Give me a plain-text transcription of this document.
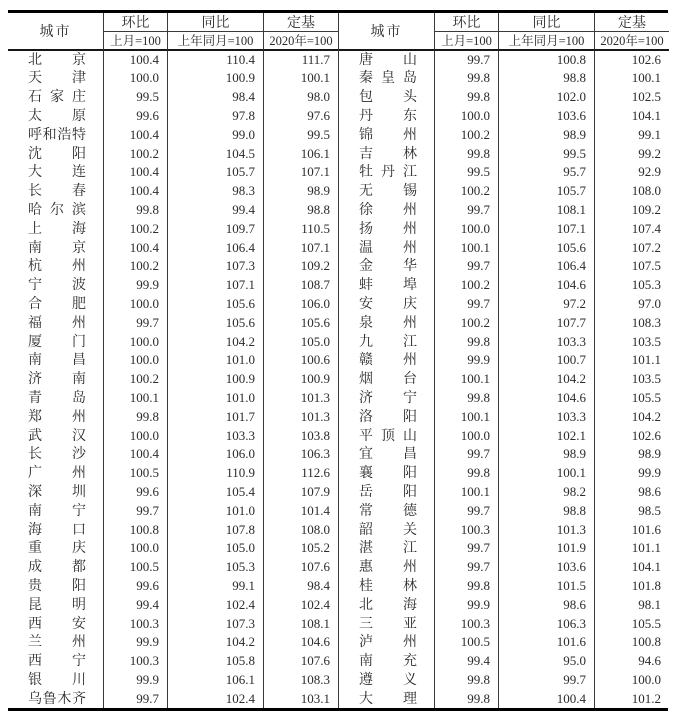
城市
环比	同比	定基
上月=100	上年同月=100	2020年=100
北京	100.4	110.4	111.7
天津	100.0	100.9	100.1
石家庄	99.5	98.4	98.0
太原	99.6	97.8	97.6
呼和浩特	100.4	99.0	99.5
沈阳	100.2	104.5	106.1
大连	100.4	105.7	107.1
长春	100.4	98.3	98.9
哈尔滨	99.8	99.4	98.8
上海	100.2	109.7	110.5
南京	100.4	106.4	107.1
杭州	100.2	107.3	109.2
宁波	99.9	107.1	108.7
合肥	100.0	105.6	106.0
福州	99.7	105.6	105.6
厦门	100.0	104.2	105.0
南昌	100.0	101.0	100.6
济南	100.2	100.9	100.9
青岛	100.1	101.0	101.3
郑州	99.8	101.7	101.3
武汉	100.0	103.3	103.8
长沙	100.4	106.0	106.3
广州	100.5	110.9	112.6
深圳	99.6	105.4	107.9
南宁	99.7	101.0	101.4
海口	100.8	107.8	108.0
重庆	100.0	105.0	105.2
成都	100.5	105.3	107.6
贵阳	99.6	99.1	98.4
昆明	99.4	102.4	102.4
西安	100.3	107.3	108.1
兰州	99.9	104.2	104.6
西宁	100.3	105.8	107.6
银川	99.9	106.1	108.3
乌鲁木齐	99.7	102.4	103.1
城市
环比	同比	定基
上月=100	上年同月=100	2020年=100
唐山	99.7	100.8	102.6
秦皇岛	99.8	98.8	100.1
包头	99.8	102.0	102.5
丹东	100.0	103.6	104.1
锦州	100.2	98.9	99.1
吉林	99.8	99.5	99.2
牡丹江	99.5	95.7	92.9
无锡	100.2	105.7	108.0
徐州	99.7	108.1	109.2
扬州	100.0	107.1	107.4
温州	100.1	105.6	107.2
金华	99.7	106.4	107.5
蚌埠	100.2	104.6	105.3
安庆	99.7	97.2	97.0
泉州	100.2	107.7	108.3
九江	99.8	103.3	103.5
赣州	99.9	100.7	101.1
烟台	100.1	104.2	103.5
济宁	99.8	104.6	105.5
洛阳	100.1	103.3	104.2
平顶山	100.0	102.1	102.6
宜昌	99.7	98.9	98.9
襄阳	99.8	100.1	99.9
岳阳	100.1	98.2	98.6
常德	99.7	98.8	98.5
韶关	100.3	101.3	101.6
湛江	99.7	101.9	101.1
惠州	99.7	103.6	104.1
桂林	99.8	101.5	101.8
北海	99.9	98.6	98.1
三亚	100.3	106.3	105.5
泸州	100.5	101.6	100.8
南充	99.4	95.0	94.6
遵义	99.8	99.7	100.0
大理	99.8	100.4	101.2
